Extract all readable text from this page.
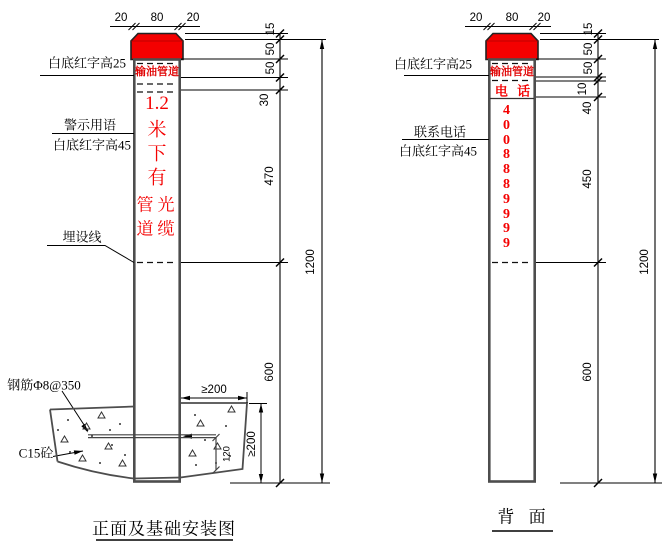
20 80 20
白底红字高25
警示用语
白底红字高45
埋设线
钢筋Φ8@350
C15砼
输油管道
1.2
米
下
有
管 光
道 缆
15
50
50
30
470
600
1200
≥200
≥200
120
正面及基础安装图
20 80 20
白底红字高25
联系电话
白底红字高45
输油管道
电 话
4008889999
15
50
50
10
40
450
600
1200
背 面
